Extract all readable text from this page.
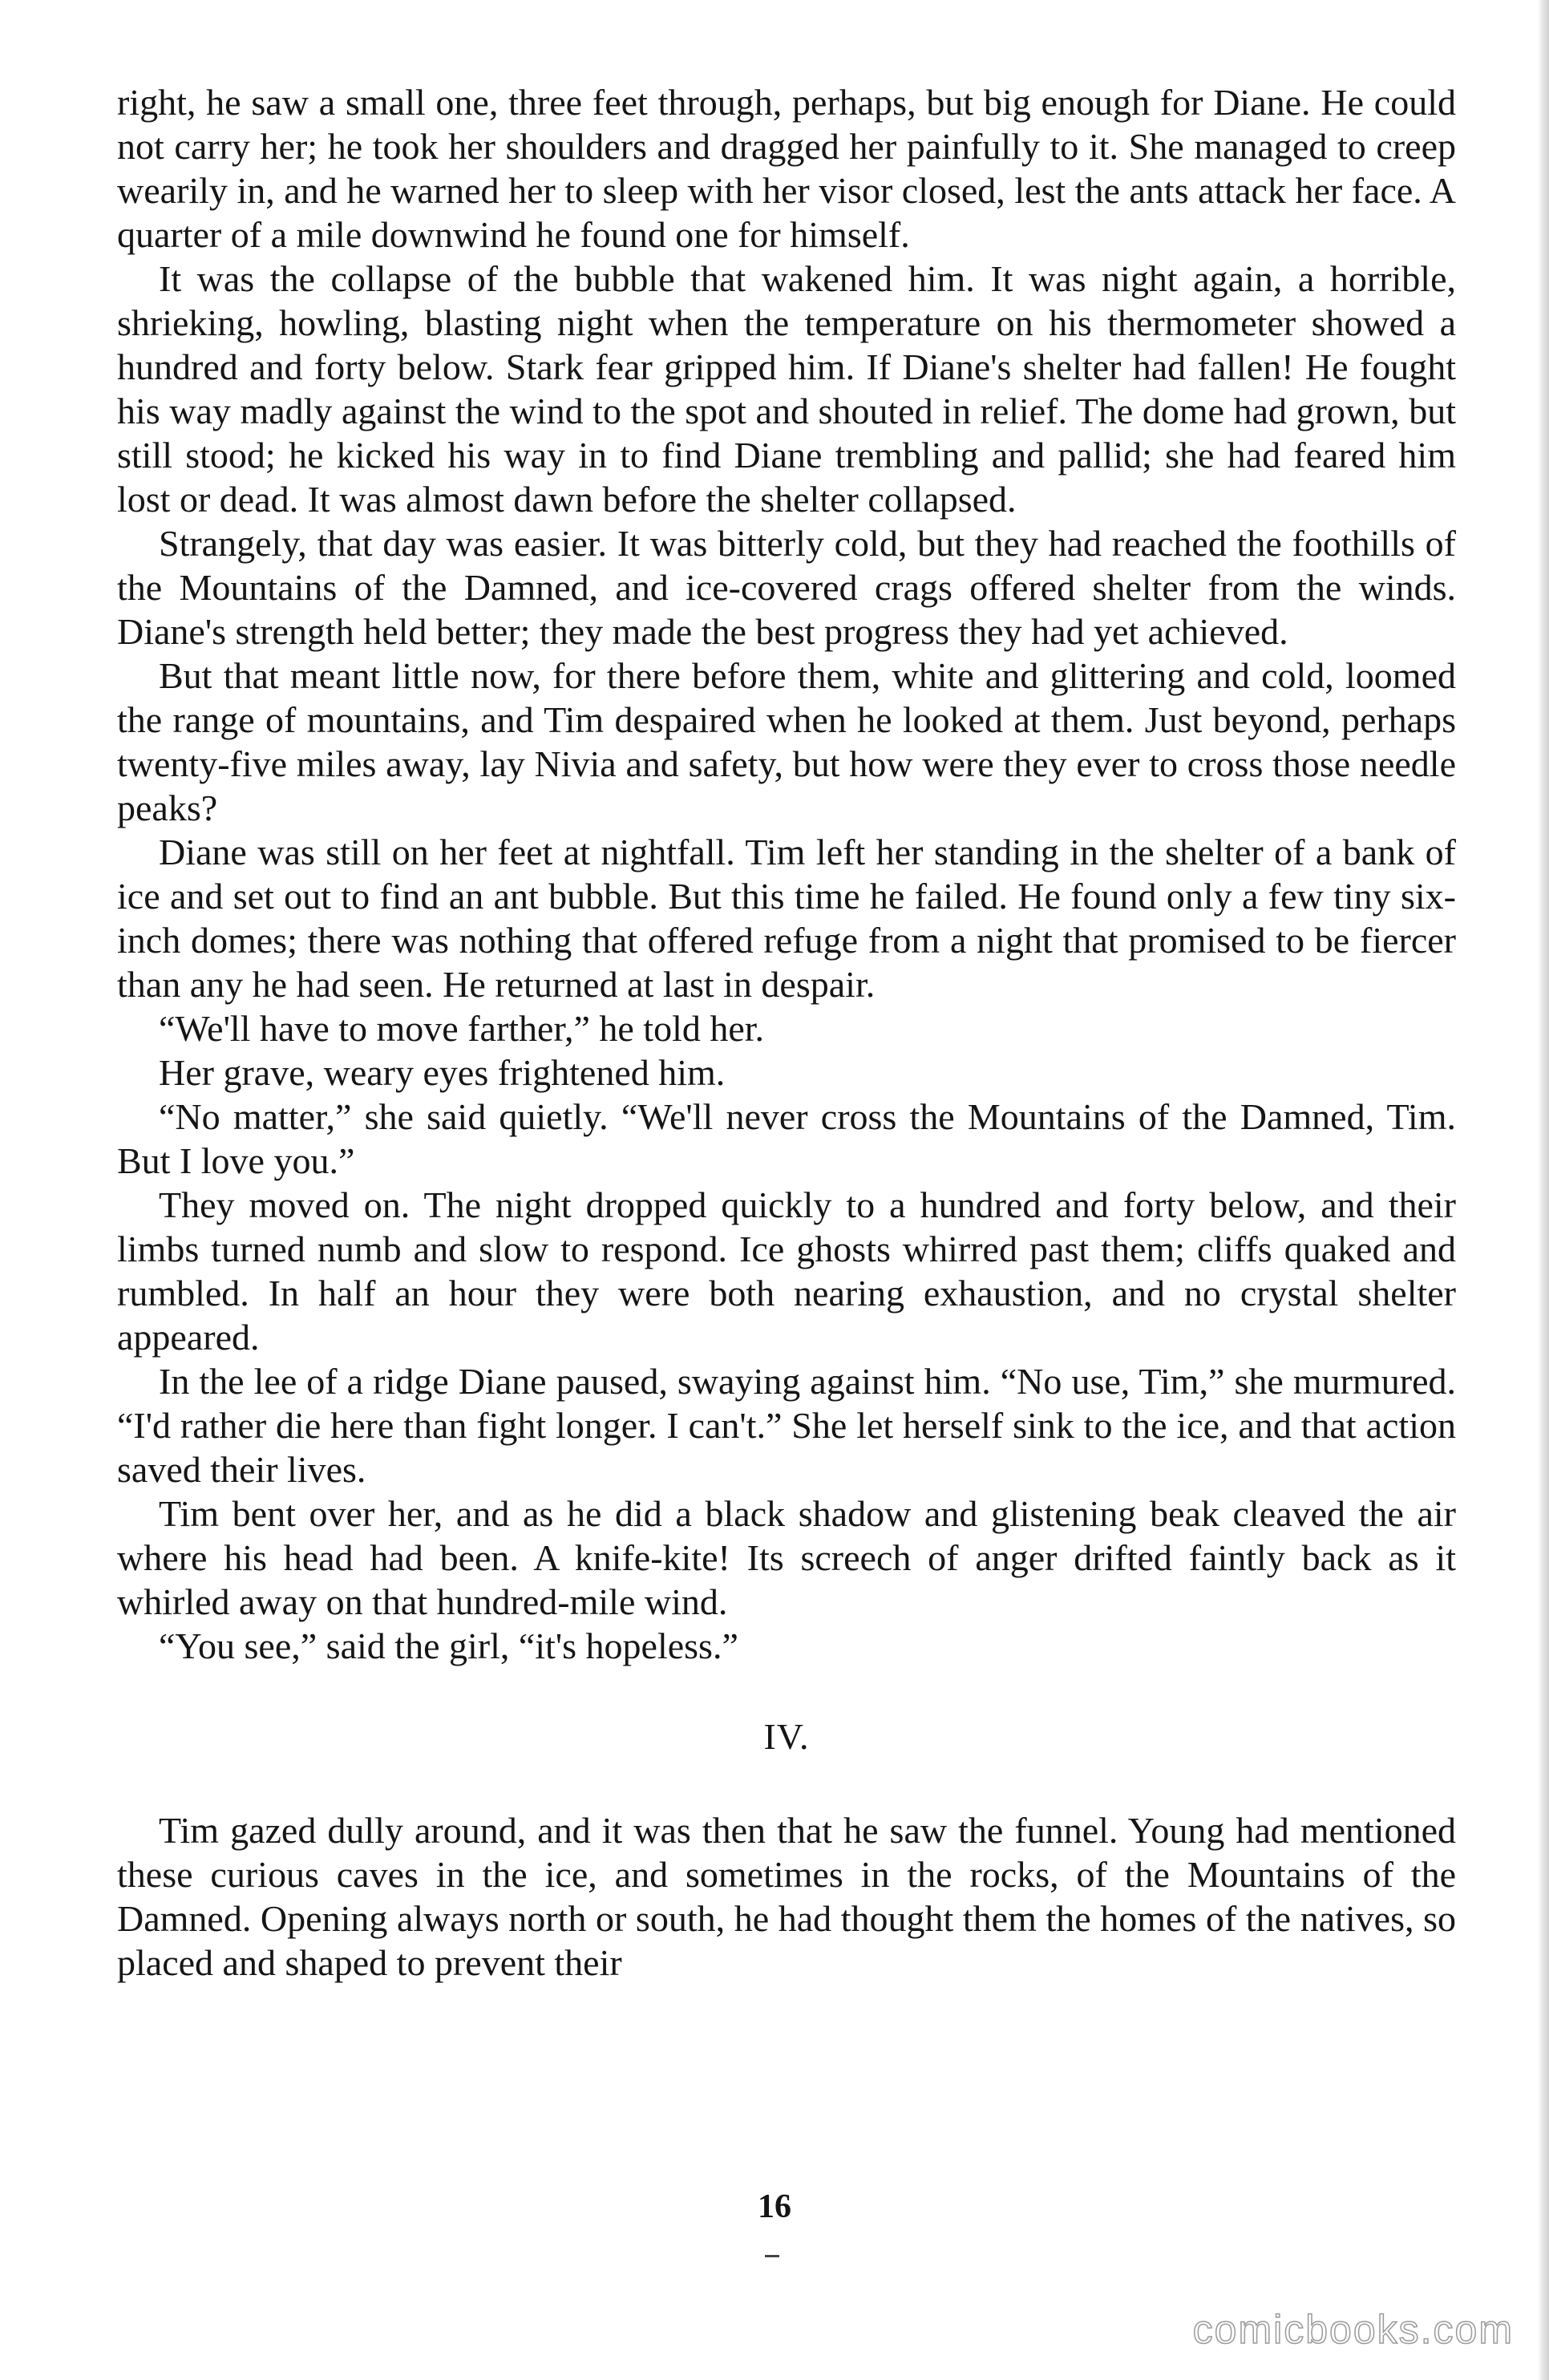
right, he saw a small one, three feet through, perhaps, but big enough for Diane. He could not carry her; he took her shoulders and dragged her painfully to it. She managed to creep wearily in, and he warned her to sleep with her visor closed, lest the ants attack her face. A quarter of a mile downwind he found one for himself.

It was the collapse of the bubble that wakened him. It was night again, a horrible, shrieking, howling, blasting night when the temperature on his thermometer showed a hundred and forty below. Stark fear gripped him. If Diane's shelter had fallen! He fought his way madly against the wind to the spot and shouted in relief. The dome had grown, but still stood; he kicked his way in to find Diane trembling and pallid; she had feared him lost or dead. It was almost dawn before the shelter collapsed.

Strangely, that day was easier. It was bitterly cold, but they had reached the foothills of the Mountains of the Damned, and ice-covered crags offered shelter from the winds. Diane's strength held better; they made the best progress they had yet achieved.

But that meant little now, for there before them, white and glittering and cold, loomed the range of mountains, and Tim despaired when he looked at them. Just beyond, perhaps twenty-five miles away, lay Nivia and safety, but how were they ever to cross those needle peaks?

Diane was still on her feet at nightfall. Tim left her standing in the shelter of a bank of ice and set out to find an ant bubble. But this time he failed. He found only a few tiny six-inch domes; there was nothing that offered refuge from a night that promised to be fiercer than any he had seen. He returned at last in despair.

“We'll have to move farther,” he told her.

Her grave, weary eyes frightened him.

“No matter,” she said quietly. “We'll never cross the Mountains of the Damned, Tim. But I love you.”

They moved on. The night dropped quickly to a hundred and forty below, and their limbs turned numb and slow to respond. Ice ghosts whirred past them; cliffs quaked and rumbled. In half an hour they were both nearing exhaustion, and no crystal shelter appeared.

In the lee of a ridge Diane paused, swaying against him. “No use, Tim,” she murmured. “I'd rather die here than fight longer. I can't.” She let herself sink to the ice, and that action saved their lives.

Tim bent over her, and as he did a black shadow and glistening beak cleaved the air where his head had been. A knife-kite! Its screech of anger drifted faintly back as it whirled away on that hundred-mile wind.

“You see,” said the girl, “it's hopeless.”

IV.

Tim gazed dully around, and it was then that he saw the funnel. Young had mentioned these curious caves in the ice, and sometimes in the rocks, of the Mountains of the Damned. Opening always north or south, he had thought them the homes of the natives, so placed and shaped to prevent their

16
comicbooks.com
